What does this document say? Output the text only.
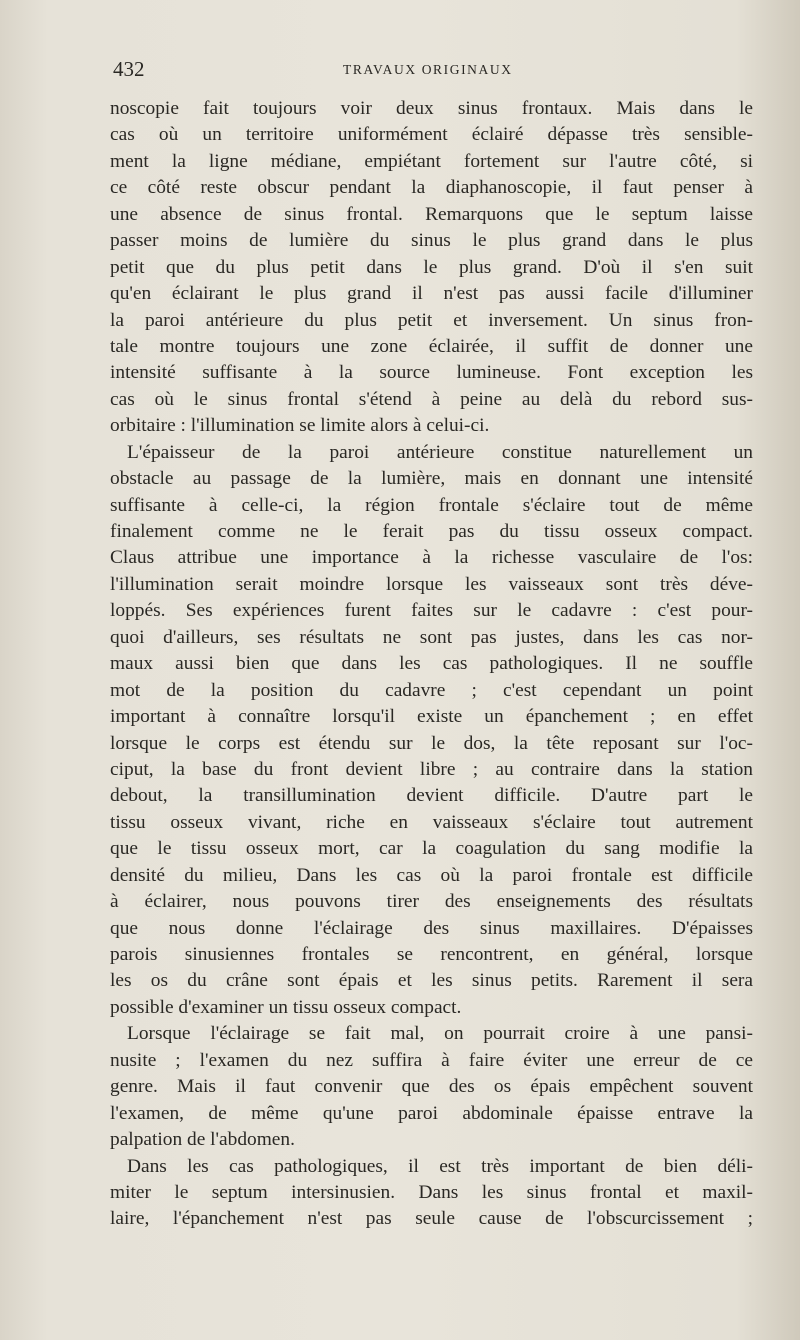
432	TRAVAUX ORIGINAUX
noscopie fait toujours voir deux sinus frontaux. Mais dans le
cas où un territoire uniformément éclairé dépasse très sensible-
ment la ligne médiane, empiétant fortement sur l'autre côté, si
ce côté reste obscur pendant la diaphanoscopie, il faut penser à
une absence de sinus frontal. Remarquons que le septum laisse
passer moins de lumière du sinus le plus grand dans le plus
petit que du plus petit dans le plus grand. D'où il s'en suit
qu'en éclairant le plus grand il n'est pas aussi facile d'illuminer
la paroi antérieure du plus petit et inversement. Un sinus fron-
tale montre toujours une zone éclairée, il suffit de donner une
intensité suffisante à la source lumineuse. Font exception les
cas où le sinus frontal s'étend à peine au delà du rebord sus-
orbitaire : l'illumination se limite alors à celui-ci.
L'épaisseur de la paroi antérieure constitue naturellement un
obstacle au passage de la lumière, mais en donnant une intensité
suffisante à celle-ci, la région frontale s'éclaire tout de même
finalement comme ne le ferait pas du tissu osseux compact.
Claus attribue une importance à la richesse vasculaire de l'os:
l'illumination serait moindre lorsque les vaisseaux sont très déve-
loppés. Ses expériences furent faites sur le cadavre : c'est pour-
quoi d'ailleurs, ses résultats ne sont pas justes, dans les cas nor-
maux aussi bien que dans les cas pathologiques. Il ne souffle
mot de la position du cadavre ; c'est cependant un point
important à connaître lorsqu'il existe un épanchement ; en effet
lorsque le corps est étendu sur le dos, la tête reposant sur l'oc-
ciput, la base du front devient libre ; au contraire dans la station
debout, la transillumination devient difficile. D'autre part le
tissu osseux vivant, riche en vaisseaux s'éclaire tout autrement
que le tissu osseux mort, car la coagulation du sang modifie la
densité du milieu, Dans les cas où la paroi frontale est difficile
à éclairer, nous pouvons tirer des enseignements des résultats
que nous donne l'éclairage des sinus maxillaires. D'épaisses
parois sinusiennes frontales se rencontrent, en général, lorsque
les os du crâne sont épais et les sinus petits. Rarement il sera
possible d'examiner un tissu osseux compact.
Lorsque l'éclairage se fait mal, on pourrait croire à une pansi-
nusite ; l'examen du nez suffira à faire éviter une erreur de ce
genre. Mais il faut convenir que des os épais empêchent souvent
l'examen, de même qu'une paroi abdominale épaisse entrave la
palpation de l'abdomen.
Dans les cas pathologiques, il est très important de bien déli-
miter le septum intersinusien. Dans les sinus frontal et maxil-
laire, l'épanchement n'est pas seule cause de l'obscurcissement ;
